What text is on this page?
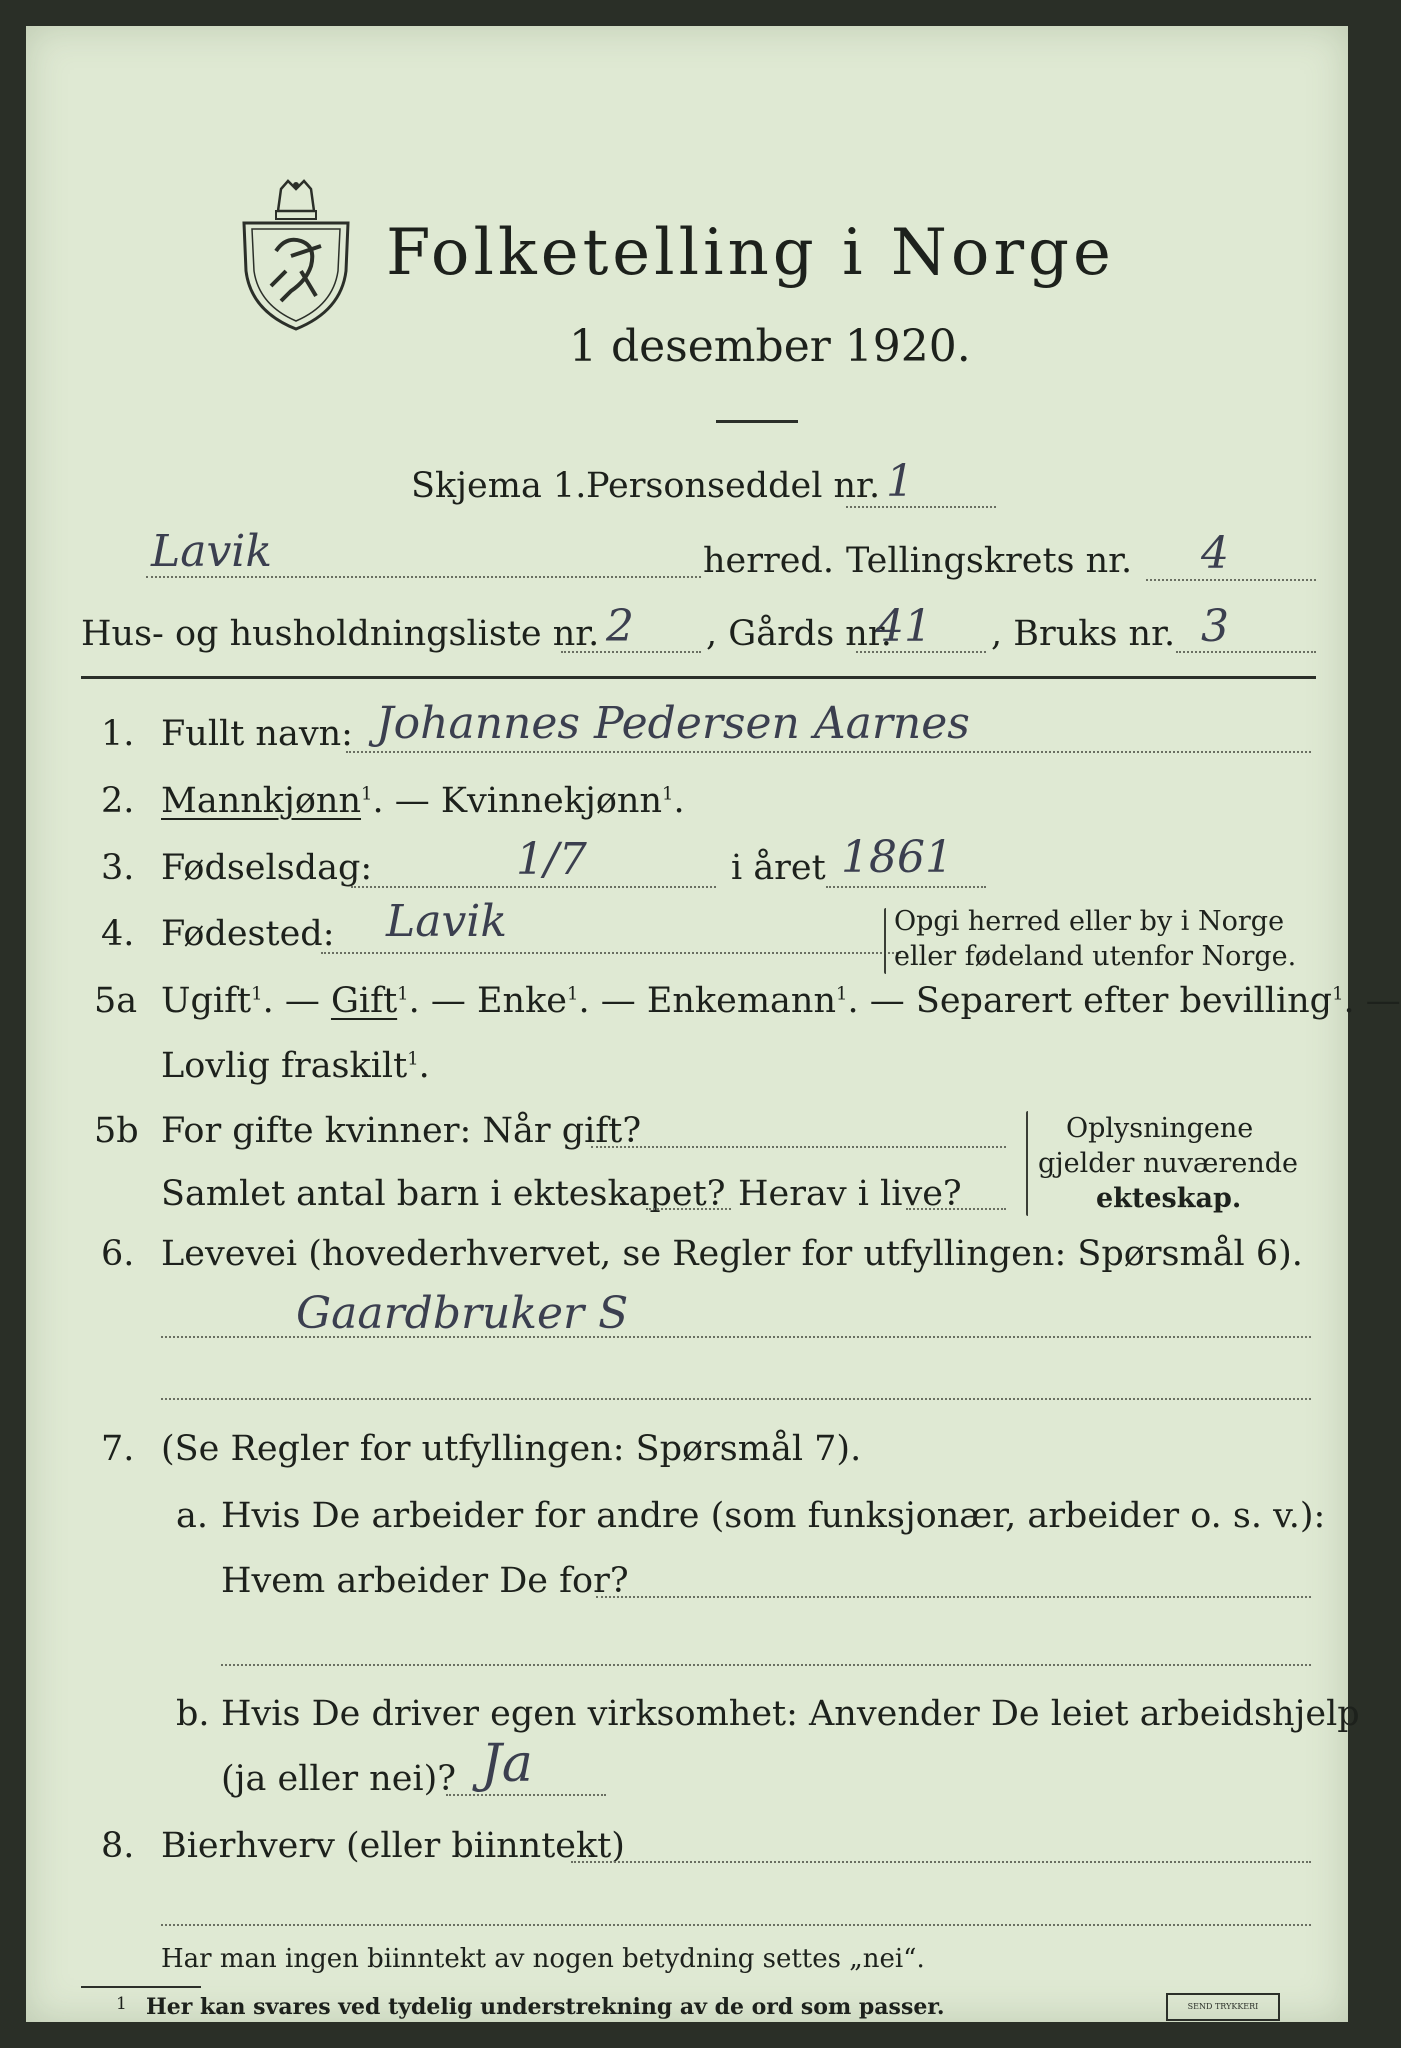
Folketelling i Norge
1 desember 1920.
Skjema 1. Personseddel nr. 1
Lavik	herred. Tellingskrets nr. 4
Hus- og husholdningsliste nr. 2 , Gårds nr.
41 , Bruks nr. 3
1. Fullt navn: Johannes Pedersen Aarnes
2. Mannkjønn$^1$. — Kvinnekjønn$^1$.
3. Fødselsdag:	1/7	i året 1861
4. Fødested: Lavik	Opgi herred eller by i Norge
eller fødeland utenfor Norge.
5a Ugift$^1$. — Gift$^1$. — Enke$^1$. — Enkemann$^1$. — Separert efter bevilling$^1$. —
Lovlig fraskilt$^1$.
5b For gifte kvinner: Når gift?
Samlet antal barn i ekteskapet? Herav i live?
Oplysningene
gjelder nuværende
ekteskap.
6. Levevei (hovederhvervet, se Regler for utfyllingen: Spørsmål 6).
Gaardbruker S
7. (Se Regler for utfyllingen: Spørsmål 7).
a. Hvis De arbeider for andre (som funksjonær, arbeider o. s. v.):
Hvem arbeider De for?
b. Hvis De driver egen virksomhet: Anvender De leiet arbeidshjelp
(ja eller nei)? Ja
8. Bierhverv (eller biinntekt)
Har man ingen biinntekt av nogen betydning settes „nei“.
1 Her kan svares ved tydelig understrekning av de ord som passer.	SEND TRYKKERI
